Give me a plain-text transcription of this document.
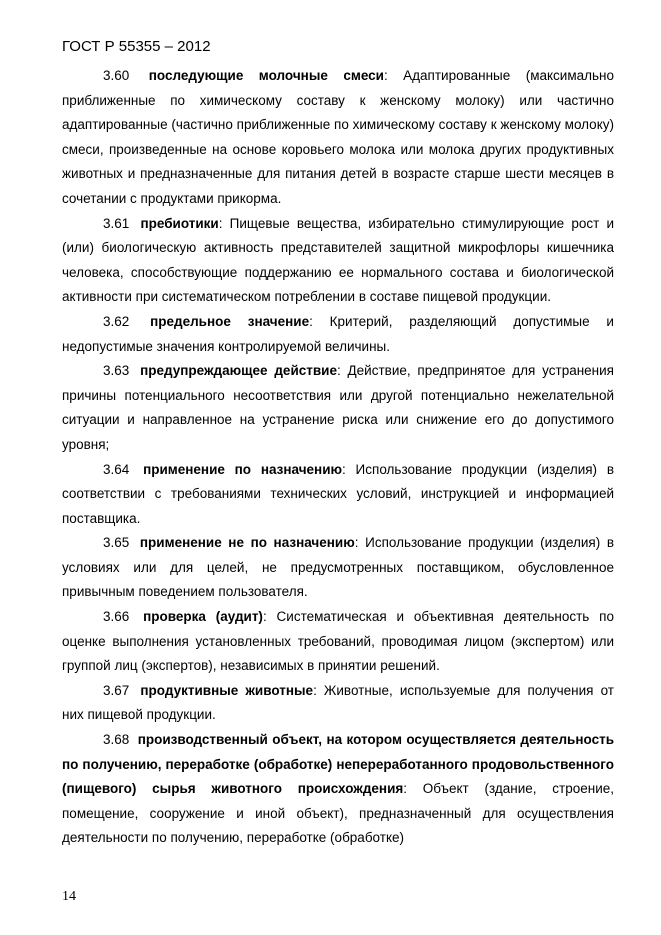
ГОСТ Р 55355 – 2012

3.60 последующие молочные смеси: Адаптированные (максимально приближенные по химическому составу к женскому молоку) или частично адаптированные (частично приближенные по химическому составу к женскому молоку) смеси, произведенные на основе коровьего молока или молока других продуктивных животных и предназначенные для питания детей в возрасте старше шести месяцев в сочетании с продуктами прикорма.

3.61 пребиотики: Пищевые вещества, избирательно стимулирующие рост и (или) биологическую активность представителей защитной микрофлоры кишечника человека, способствующие поддержанию ее нормального состава и биологической активности при систематическом потреблении в составе пищевой продукции.

3.62 предельное значение: Критерий, разделяющий допустимые и недопустимые значения контролируемой величины.

3.63 предупреждающее действие: Действие, предпринятое для устранения причины потенциального несоответствия или другой потенциально нежелательной ситуации и направленное на устранение риска или снижение его до допустимого уровня;

3.64 применение по назначению: Использование продукции (изделия) в соответствии с требованиями технических условий, инструкцией и информацией поставщика.

3.65 применение не по назначению: Использование продукции (изделия) в условиях или для целей, не предусмотренных поставщиком, обусловленное привычным поведением пользователя.

3.66 проверка (аудит): Систематическая и объективная деятельность по оценке выполнения установленных требований, проводимая лицом (экспертом) или группой лиц (экспертов), независимых в принятии решений.

3.67 продуктивные животные: Животные, используемые для получения от них пищевой продукции.

3.68 производственный объект, на котором осуществляется деятельность по получению, переработке (обработке) непереработанного продовольственного (пищевого) сырья животного происхождения: Объект (здание, строение, помещение, сооружение и иной объект), предназначенный для осуществления деятельности по получению, переработке (обработке)

14
